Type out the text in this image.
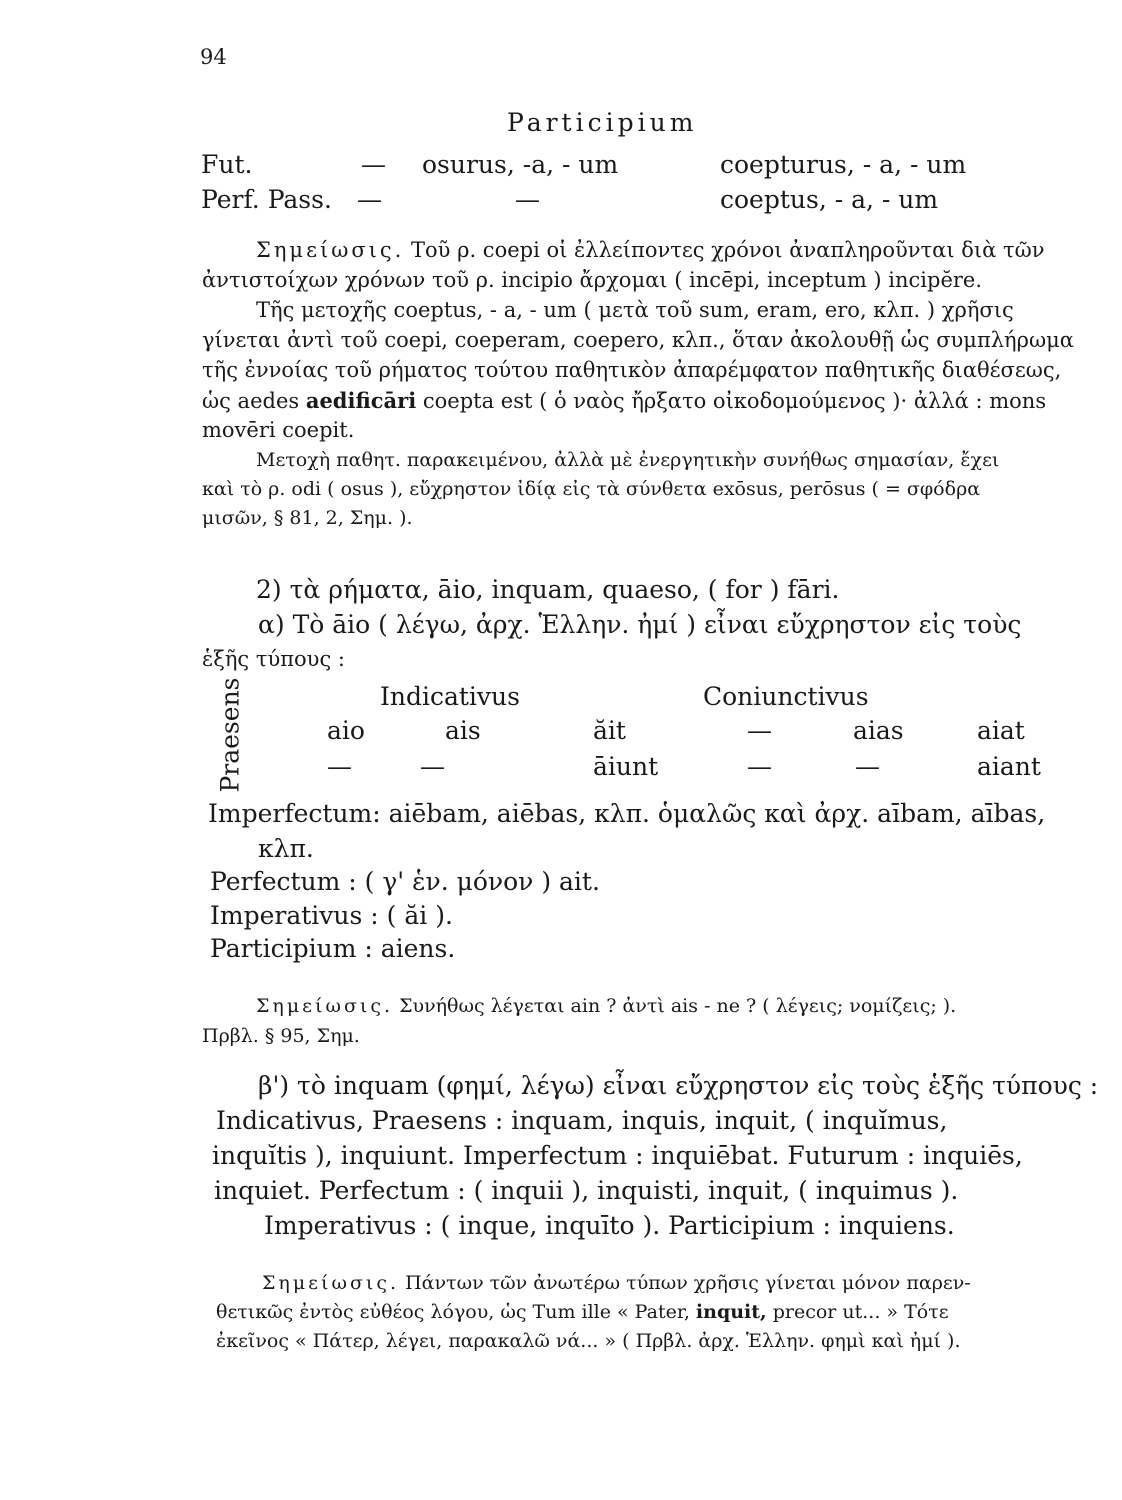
94
Participium
Fut.	— osurus, -a, - um	coepturus, - a, - um
Perf. Pass. —	—	coeptus, - a, - um
Σημείωσις. Τοῦ ρ. coepi οἱ ἐλλείποντες χρόνοι ἀναπληροῦνται διὰ τῶν
ἀντιστοίχων χρόνων τοῦ ρ. incipio ἄρχομαι ( incēpi, inceptum ) incipĕre.
Τῆς μετοχῆς coeptus, - a, - um ( μετὰ τοῦ sum, eram, ero, κλπ. ) χρῆσις
γίνεται ἀντὶ τοῦ coepi, coeperam, coepero, κλπ., ὅταν ἀκολουθῇ ὡς συμπλήρωμα
τῆς ἐννοίας τοῦ ρήματος τούτου παθητικὸν ἀπαρέμφατον παθητικῆς διαθέσεως,
ὡς aedes aedificāri coepta est ( ὁ ναὸς ἤρξατο οἰκοδομούμενος )· ἀλλά : mons
movēri coepit.
Μετοχὴ παθητ. παρακειμένου, ἀλλὰ μὲ ἐνεργητικὴν συνήθως σημασίαν, ἔχει
καὶ τὸ ρ. odi ( osus ), εὔχρηστον ἰδίᾳ εἰς τὰ σύνθετα exōsus, perōsus ( = σφόδρα
μισῶν, § 81, 2, Σημ. ).
2) τὰ ρήματα, āio, inquam, quaeso, ( for ) fāri.
α) Τὸ āio ( λέγω, ἀρχ. Ἑλλην. ἠμί ) εἶναι εὔχρηστον εἰς τοὺς
ἑξῆς τύπους :
Praesens	Indicativus	Coniunctivus
aio	ais	ăit	—	aias	aiat
—	—	āiunt	—	—	aiant
Imperfectum: aiēbam, aiēbas, κλπ. ὁμαλῶς καὶ ἀρχ. aībam, aības,
κλπ.
Perfectum : ( γ' ἑν. μόνον ) ait.
Imperativus : ( ăi ).
Participium : aiens.
Σημείωσις. Συνήθως λέγεται ain ? ἀντὶ ais - ne ? ( λέγεις; νομίζεις; ).
Πρβλ. § 95, Σημ.
β') τὸ inquam (φημί, λέγω) εἶναι εὔχρηστον εἰς τοὺς ἑξῆς τύπους :
Indicativus, Praesens : inquam, inquis, inquit, ( inquĭmus,
inquĭtis ), inquiunt. Imperfectum : inquiēbat. Futurum : inquiēs,
inquiet. Perfectum : ( inquii ), inquisti, inquit, ( inquimus ).
Imperativus : ( inque, inquīto ). Participium : inquiens.
Σημείωσις. Πάντων τῶν ἀνωτέρω τύπων χρῆσις γίνεται μόνον παρεν-
θετικῶς ἐντὸς εὐθέος λόγου, ὡς Tum ille « Pater, inquit, precor ut... » Τότε
ἐκεῖνος « Πάτερ, λέγει, παρακαλῶ νά... » ( Πρβλ. ἀρχ. Ἑλλην. φημὶ καὶ ἠμί ).
